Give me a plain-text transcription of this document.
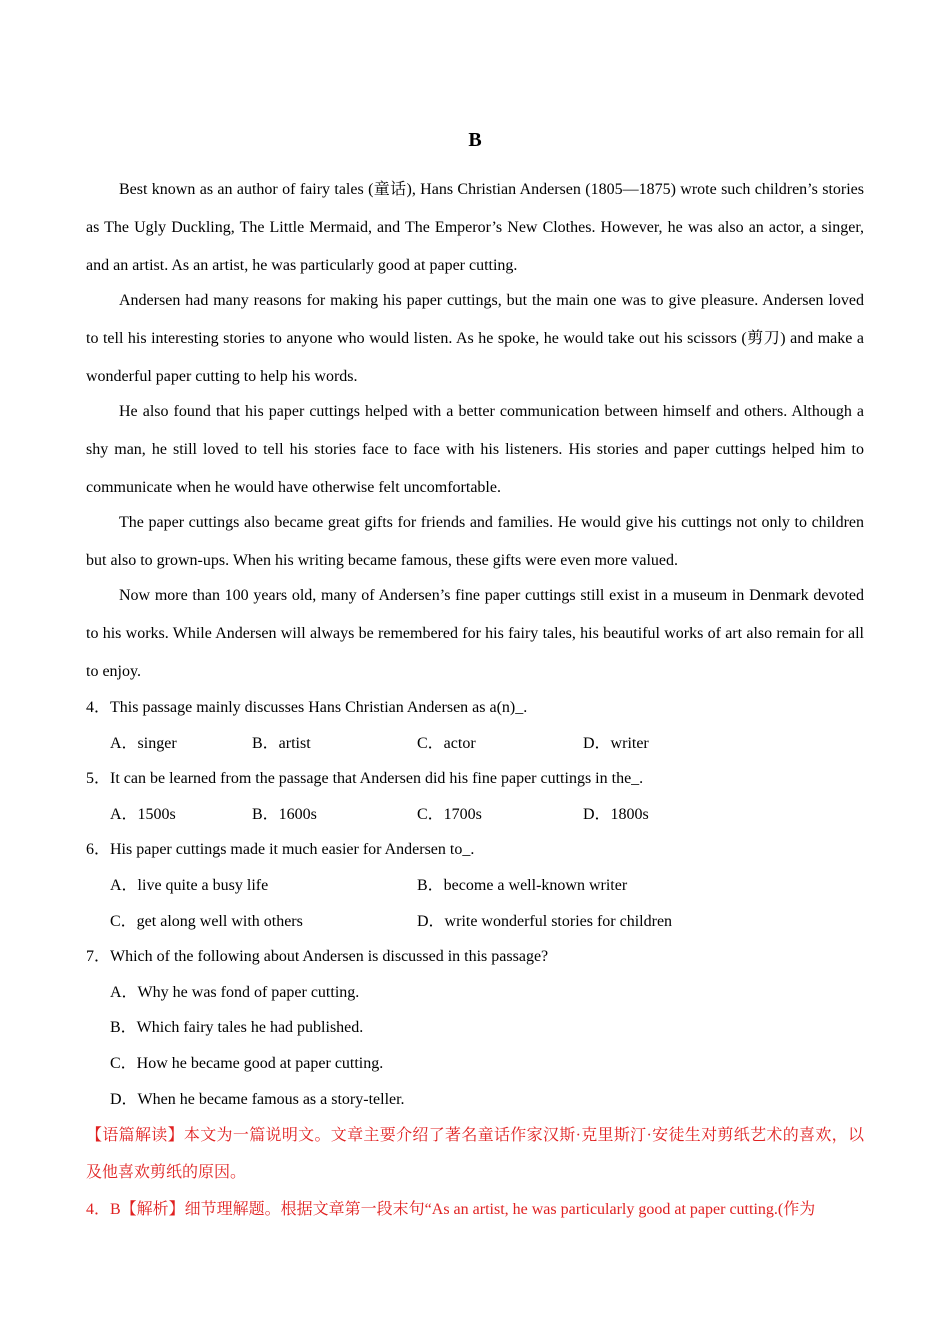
B

Best known as an author of fairy tales (童话), Hans Christian Andersen (1805—1875) wrote such children’s stories as The Ugly Duckling, The Little Mermaid, and The Emperor’s New Clothes. However, he was also an actor, a singer, and an artist. As an artist, he was particularly good at paper cutting.

Andersen had many reasons for making his paper cuttings, but the main one was to give pleasure. Andersen loved to tell his interesting stories to anyone who would listen. As he spoke, he would take out his scissors (剪刀) and make a wonderful paper cutting to help his words.

He also found that his paper cuttings helped with a better communication between himself and others. Although a shy man, he still loved to tell his stories face to face with his listeners. His stories and paper cuttings helped him to communicate when he would have otherwise felt uncomfortable.

The paper cuttings also became great gifts for friends and families. He would give his cuttings not only to children but also to grown-ups. When his writing became famous, these gifts were even more valued.

Now more than 100 years old, many of Andersen’s fine paper cuttings still exist in a museum in Denmark devoted to his works. While Andersen will always be remembered for his fairy tales, his beautiful works of art also remain for all to enjoy.

4．This passage mainly discusses Hans Christian Andersen as a(n)_.
A．singer	B．artist	C．actor	D．writer
5．It can be learned from the passage that Andersen did his fine paper cuttings in the_.
A．1500s	B．1600s	C．1700s	D．1800s
6．His paper cuttings made it much easier for Andersen to_.
A．live quite a busy life	B．become a well-known writer
C．get along well with others	D．write wonderful stories for children
7．Which of the following about Andersen is discussed in this passage?
A．Why he was fond of paper cutting.
B．Which fairy tales he had published.
C．How he became good at paper cutting.
D．When he became famous as a story-teller.

【语篇解读】本文为一篇说明文。文章主要介绍了著名童话作家汉斯·克里斯汀·安徒生对剪纸艺术的喜欢，以及他喜欢剪纸的原因。

4．B【解析】细节理解题。根据文章第一段末句“As an artist, he was particularly good at paper cutting.(作为
